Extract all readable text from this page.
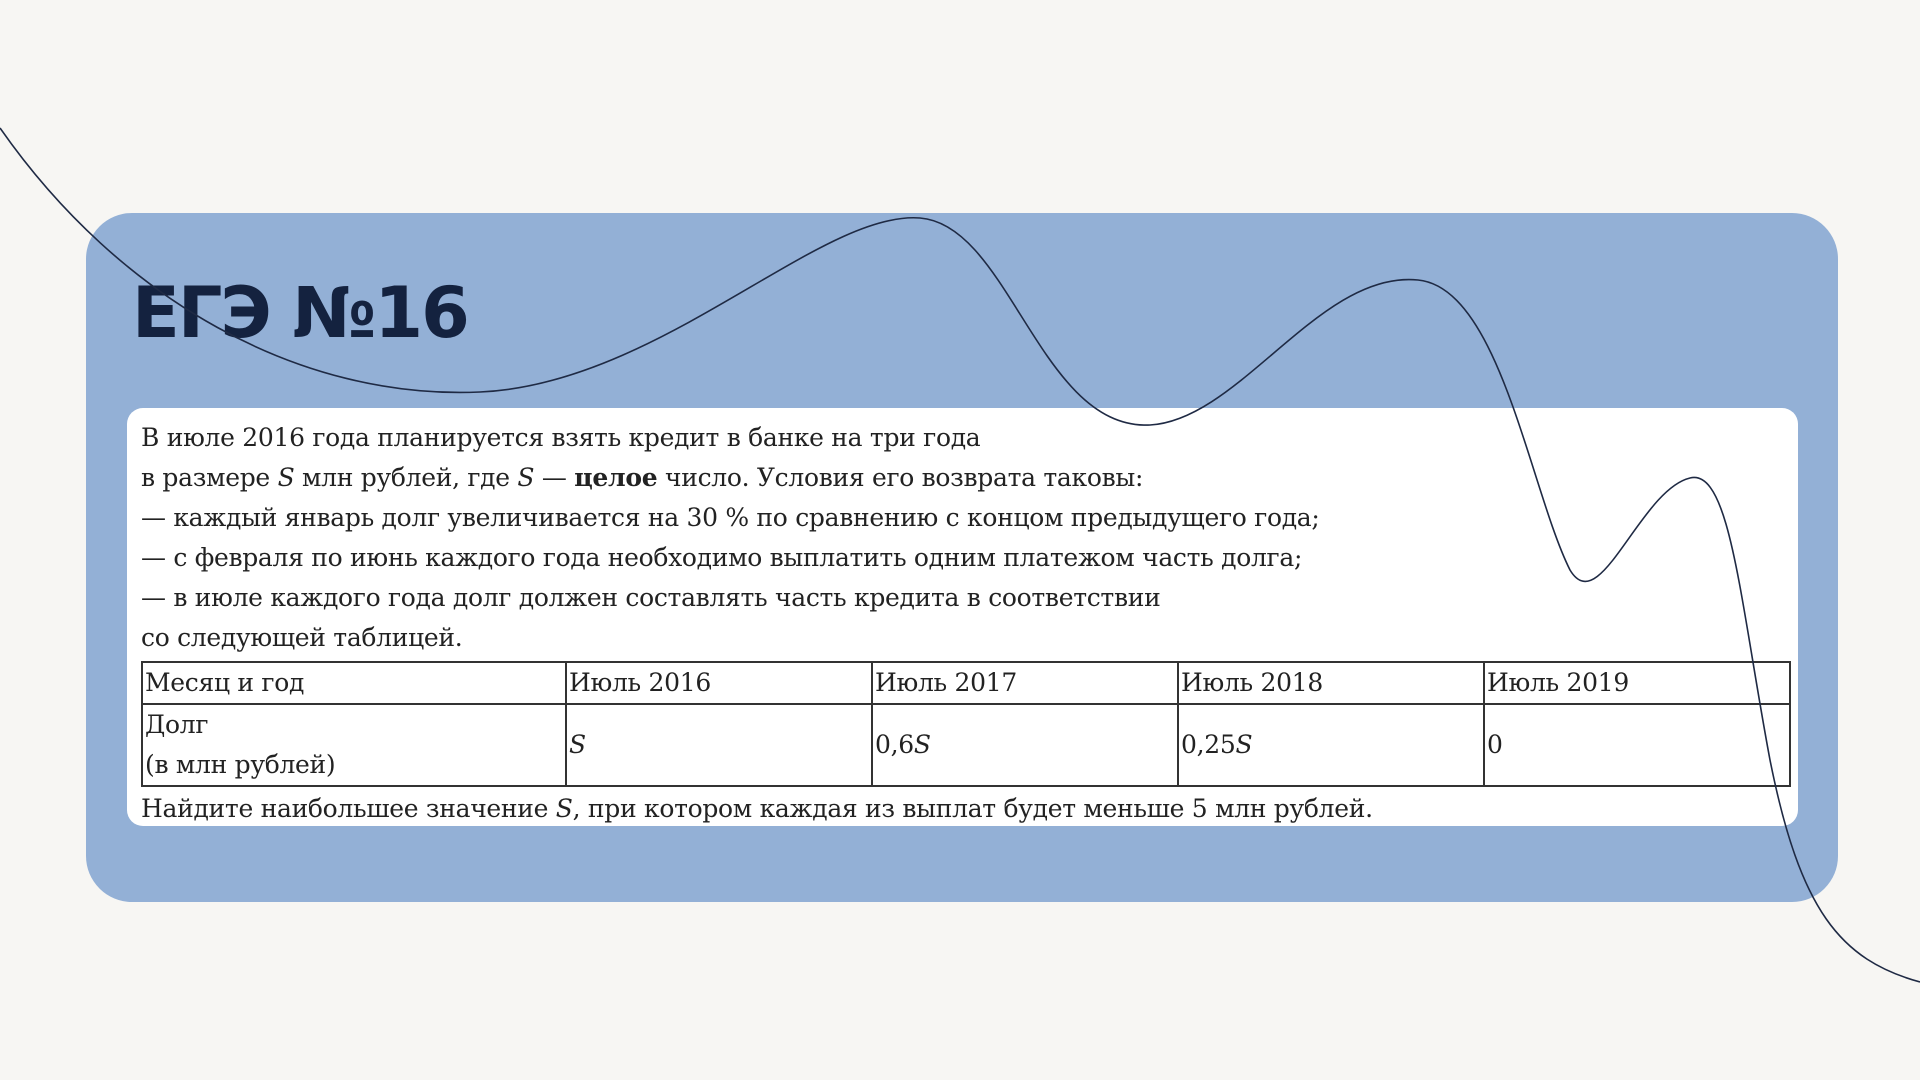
ЕГЭ №16
В июле 2016 года планируется взять кредит в банке на три года
в размере S млн рублей, где S — целое число. Условия его возврата таковы:
— каждый январь долг увеличивается на 30 % по сравнению с концом предыдущего года;
— с февраля по июнь каждого года необходимо выплатить одним платежом часть долга;
— в июле каждого года долг должен составлять часть кредита в соответствии
со следующей таблицей.
Месяц и год	Июль 2016	Июль 2017	Июль 2018	Июль 2019

Долг
(в млн рублей)	S	0,6S	0,25S	0
Найдите наибольшее значение S, при котором каждая из выплат будет меньше 5 млн рублей.
